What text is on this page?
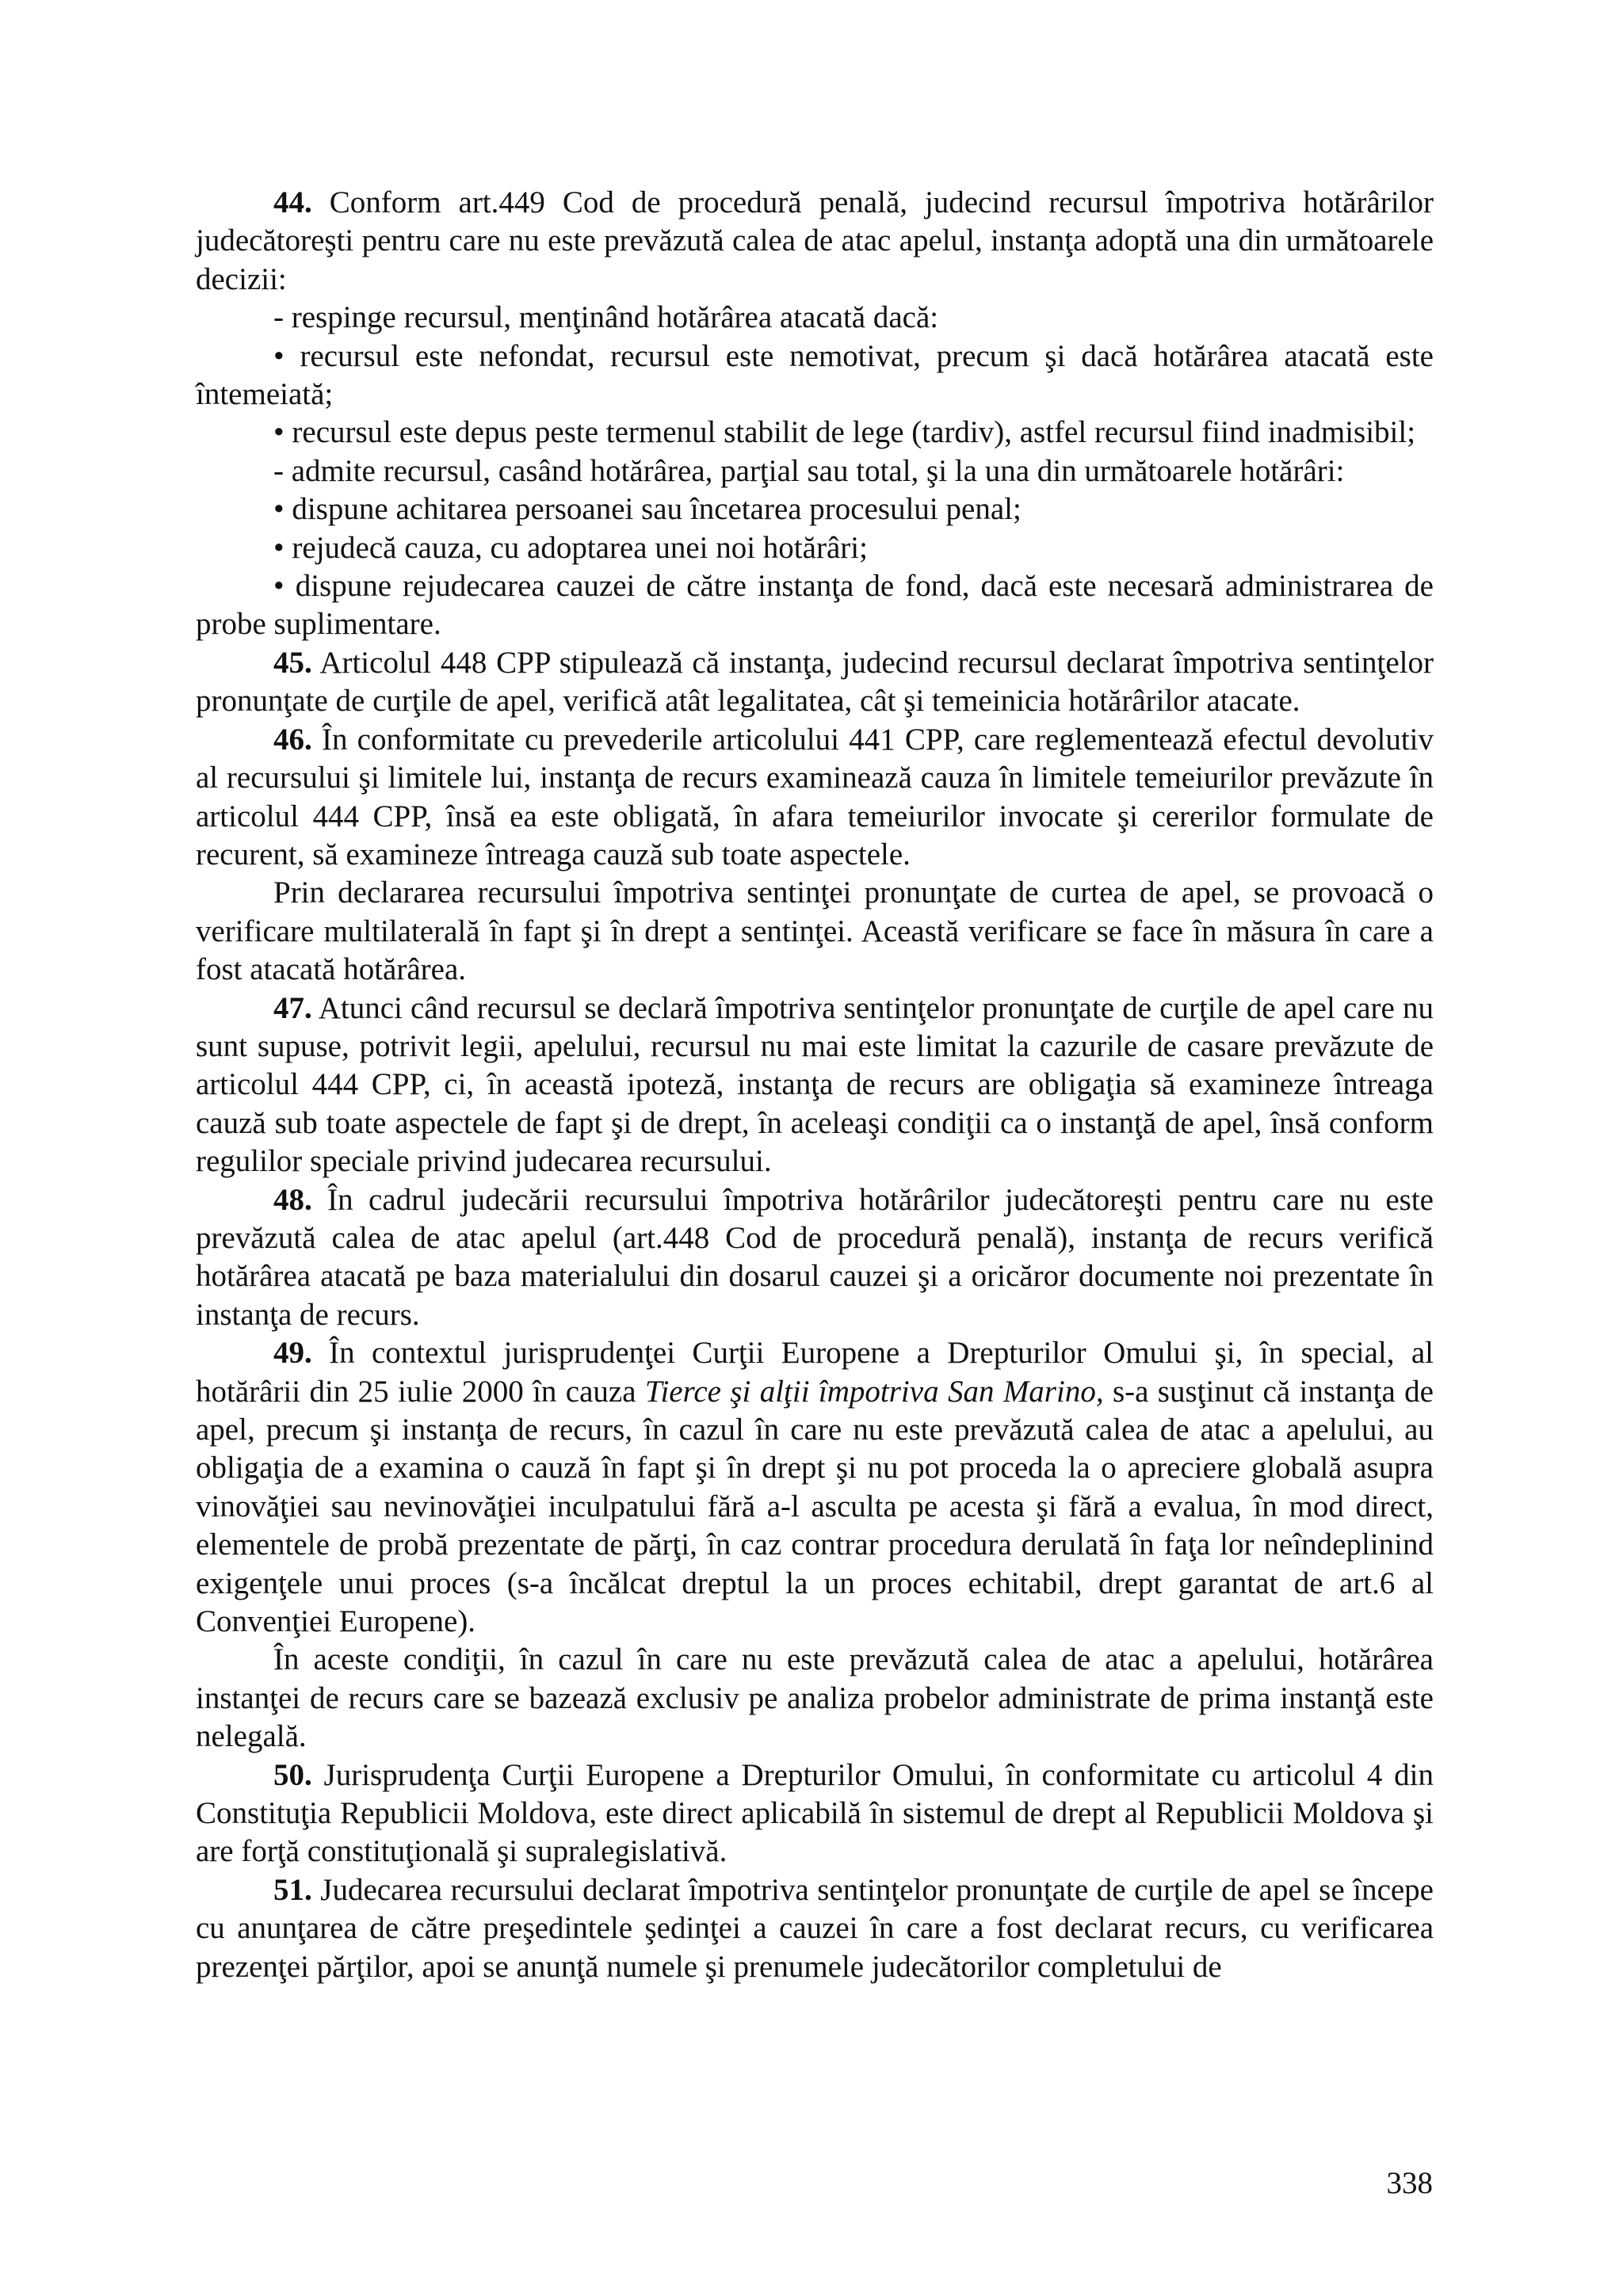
44. Conform art.449 Cod de procedură penală, judecind recursul împotriva hotărârilor judecătoreşti pentru care nu este prevăzută calea de atac apelul, instanţa adoptă una din următoarele decizii:

- respinge recursul, menţinând hotărârea atacată dacă:

• recursul este nefondat, recursul este nemotivat, precum şi dacă hotărârea atacată este întemeiată;

• recursul este depus peste termenul stabilit de lege (tardiv), astfel recursul fiind inadmisibil;

- admite recursul, casând hotărârea, parţial sau total, şi la una din următoarele hotărâri:

• dispune achitarea persoanei sau încetarea procesului penal;

• rejudecă cauza, cu adoptarea unei noi hotărâri;

• dispune rejudecarea cauzei de către instanţa de fond, dacă este necesară administrarea de probe suplimentare.

45. Articolul 448 CPP stipulează că instanţa, judecind recursul declarat împotriva sentinţelor pronunţate de curţile de apel, verifică atât legalitatea, cât şi temeinicia hotărârilor atacate.

46. În conformitate cu prevederile articolului 441 CPP, care reglementează efectul devolutiv al recursului şi limitele lui, instanţa de recurs examinează cauza în limitele temeiurilor prevăzute în articolul 444 CPP, însă ea este obligată, în afara temeiurilor invocate şi cererilor formulate de recurent, să examineze întreaga cauză sub toate aspectele.

Prin declararea recursului împotriva sentinţei pronunţate de curtea de apel, se provoacă o verificare multilaterală în fapt şi în drept a sentinţei. Această verificare se face în măsura în care a fost atacată hotărârea.

47. Atunci când recursul se declară împotriva sentinţelor pronunţate de curţile de apel care nu sunt supuse, potrivit legii, apelului, recursul nu mai este limitat la cazurile de casare prevăzute de articolul 444 CPP, ci, în această ipoteză, instanţa de recurs are obligaţia să examineze întreaga cauză sub toate aspectele de fapt şi de drept, în aceleaşi condiţii ca o instanţă de apel, însă conform regulilor speciale privind judecarea recursului.

48. În cadrul judecării recursului împotriva hotărârilor judecătoreşti pentru care nu este prevăzută calea de atac apelul (art.448 Cod de procedură penală), instanţa de recurs verifică hotărârea atacată pe baza materialului din dosarul cauzei şi a oricăror documente noi prezentate în instanţa de recurs.

49. În contextul jurisprudenţei Curţii Europene a Drepturilor Omului şi, în special, al hotărârii din 25 iulie 2000 în cauza Tierce şi alţii împotriva San Marino, s-a susţinut că instanţa de apel, precum şi instanţa de recurs, în cazul în care nu este prevăzută calea de atac a apelului, au obligaţia de a examina o cauză în fapt şi în drept şi nu pot proceda la o apreciere globală asupra vinovăţiei sau nevinovăţiei inculpatului fără a-l asculta pe acesta şi fără a evalua, în mod direct, elementele de probă prezentate de părţi, în caz contrar procedura derulată în faţa lor neîndeplinind exigenţele unui proces (s-a încălcat dreptul la un proces echitabil, drept garantat de art.6 al Convenţiei Europene).

În aceste condiţii, în cazul în care nu este prevăzută calea de atac a apelului, hotărârea instanţei de recurs care se bazează exclusiv pe analiza probelor administrate de prima instanţă este nelegală.

50. Jurisprudenţa Curţii Europene a Drepturilor Omului, în conformitate cu articolul 4 din Constituţia Republicii Moldova, este direct aplicabilă în sistemul de drept al Republicii Moldova şi are forţă constituţională şi supralegislativă.

51. Judecarea recursului declarat împotriva sentinţelor pronunţate de curţile de apel se începe cu anunţarea de către preşedintele şedinţei a cauzei în care a fost declarat recurs, cu verificarea prezenţei părţilor, apoi se anunţă numele şi prenumele judecătorilor completului de

338
